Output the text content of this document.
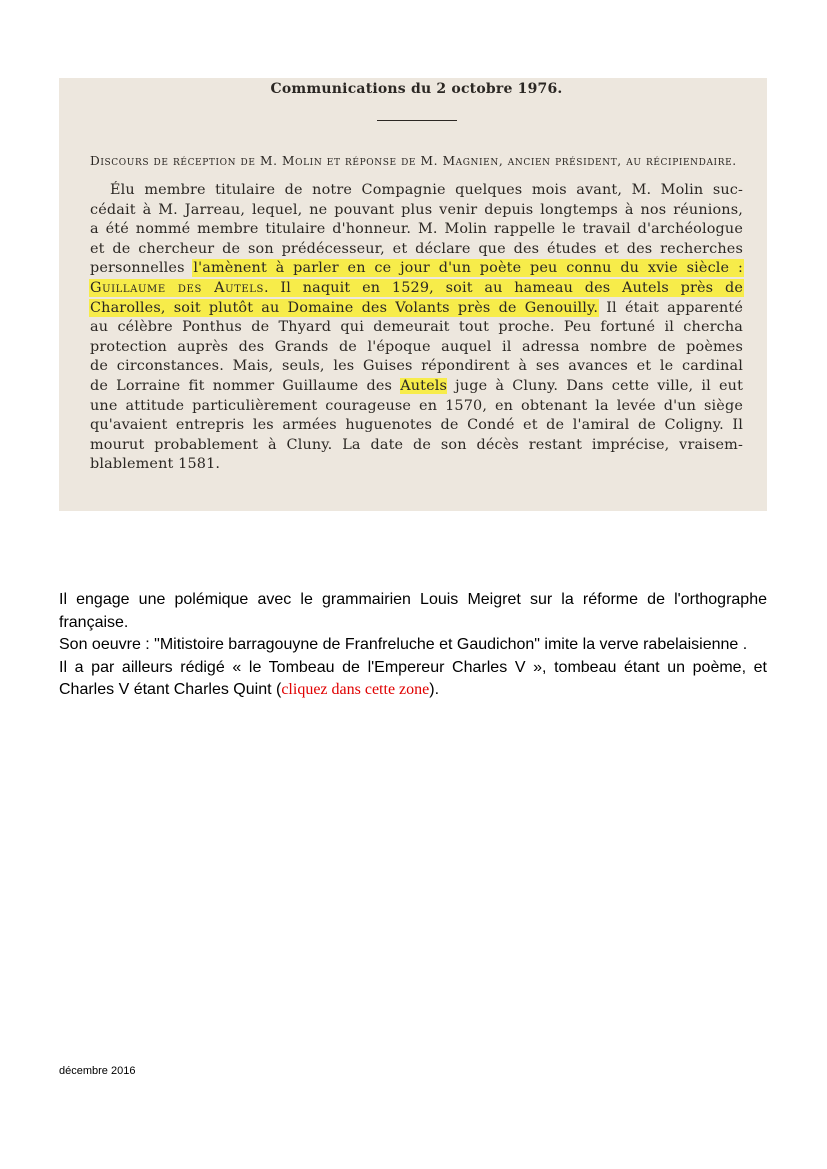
Communications du 2 octobre 1976.
Discours de réception de M. Molin et réponse de M. Magnien, ancien président, au récipiendaire.
Élu membre titulaire de notre Compagnie quelques mois avant, M. Molin suc-
cédait à M. Jarreau, lequel, ne pouvant plus venir depuis longtemps à nos réunions,
a été nommé membre titulaire d'honneur. M. Molin rappelle le travail d'archéologue
et de chercheur de son prédécesseur, et déclare que des études et des recherches
personnelles l'amènent à parler en ce jour d'un poète peu connu du xvie siècle :
Guillaume des Autels. Il naquit en 1529, soit au hameau des Autels près de
Charolles, soit plutôt au Domaine des Volants près de Genouilly. Il était apparenté
au célèbre Ponthus de Thyard qui demeurait tout proche. Peu fortuné il chercha
protection auprès des Grands de l'époque auquel il adressa nombre de poèmes
de circonstances. Mais, seuls, les Guises répondirent à ses avances et le cardinal
de Lorraine fit nommer Guillaume des Autels juge à Cluny. Dans cette ville, il eut
une attitude particulièrement courageuse en 1570, en obtenant la levée d'un siège
qu'avaient entrepris les armées huguenotes de Condé et de l'amiral de Coligny. Il
mourut probablement à Cluny. La date de son décès restant imprécise, vraisem-
blablement 1581.

Il engage une polémique avec le grammairien Louis Meigret sur la réforme de l'orthographe française.

Son oeuvre : "Mitistoire barragouyne de Franfreluche et Gaudichon" imite la verve rabelaisienne .

Il a par ailleurs rédigé « le Tombeau de l'Empereur Charles V », tombeau étant un poème, et Charles V étant Charles Quint (cliquez dans cette zone).

décembre 2016
